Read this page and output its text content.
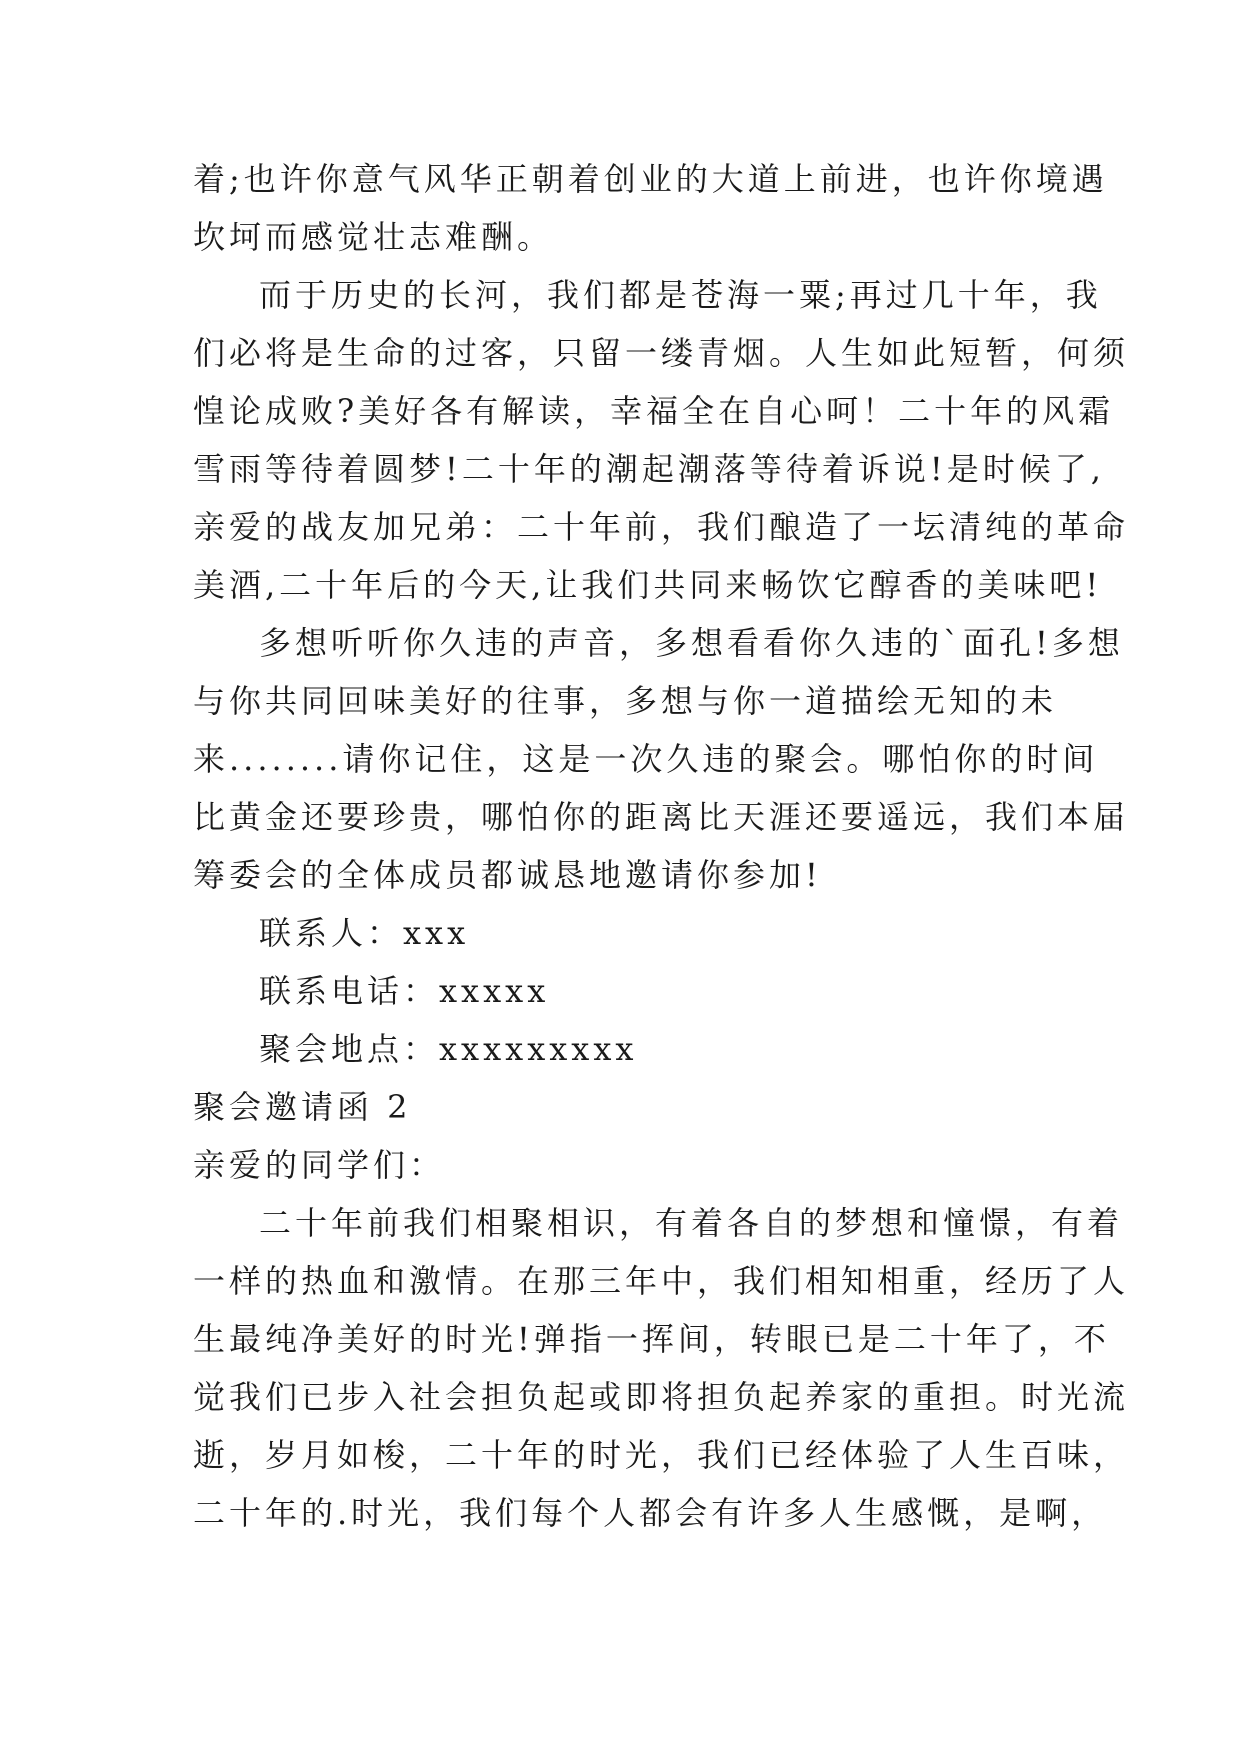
着;也许你意气风华正朝着创业的大道上前进，也许你境遇
坎坷而感觉壮志难酬。
而于历史的长河，我们都是苍海一粟;再过几十年，我
们必将是生命的过客，只留一缕青烟。人生如此短暂，何须
惶论成败?美好各有解读，幸福全在自心呵！二十年的风霜
雪雨等待着圆梦!二十年的潮起潮落等待着诉说!是时候了,
亲爱的战友加兄弟：二十年前，我们酿造了一坛清纯的革命
美酒,二十年后的今天,让我们共同来畅饮它醇香的美味吧!
多想听听你久违的声音，多想看看你久违的`面孔!多想
与你共同回味美好的往事，多想与你一道描绘无知的未
来........请你记住，这是一次久违的聚会。哪怕你的时间
比黄金还要珍贵，哪怕你的距离比天涯还要遥远，我们本届
筹委会的全体成员都诚恳地邀请你参加!
联系人：xxx
联系电话：xxxxx
聚会地点：xxxxxxxxx
聚会邀请函 2
亲爱的同学们：
二十年前我们相聚相识，有着各自的梦想和憧憬，有着
一样的热血和激情。在那三年中，我们相知相重，经历了人
生最纯净美好的时光!弹指一挥间，转眼已是二十年了，不
觉我们已步入社会担负起或即将担负起养家的重担。时光流
逝，岁月如梭，二十年的时光，我们已经体验了人生百味，
二十年的.时光，我们每个人都会有许多人生感慨，是啊，
